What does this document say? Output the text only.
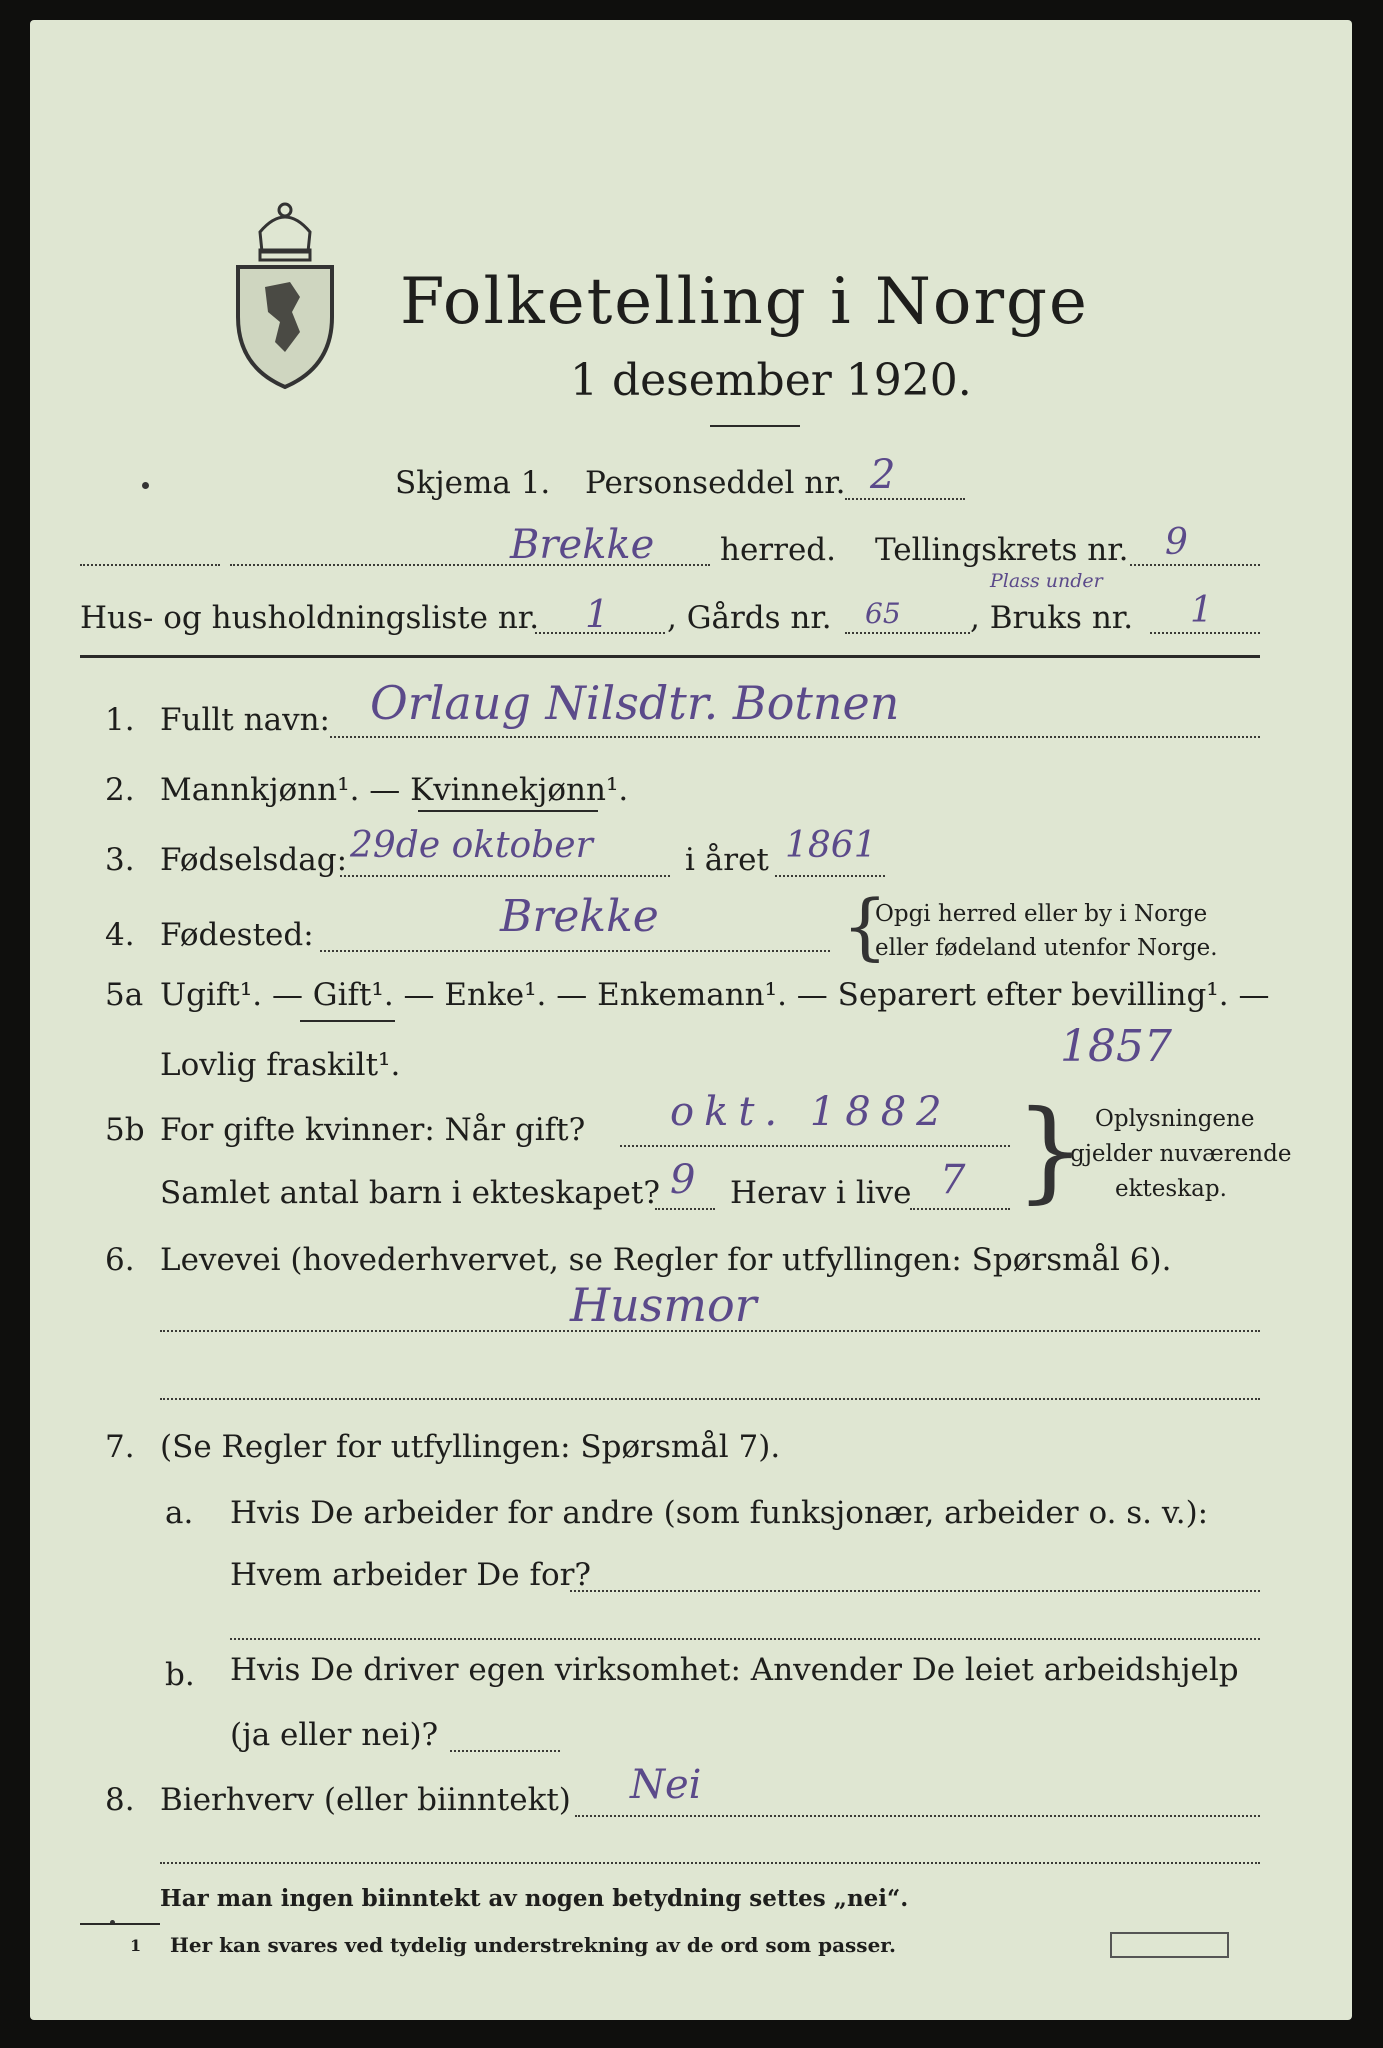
Folketelling i Norge
1 desember 1920.
Skjema 1. Personseddel nr. 2
Brekke herred. Tellingskrets nr. 9
Hus- og husholdningsliste nr. 1 , Gårds nr. 65
Plass under
, Bruks nr. 1
1. Fullt navn: Orlaug Nilsdtr. Botnen
2. Mannkjønn¹. — Kvinnekjønn¹.
3. Fødselsdag: 29de oktober	i året 1861
4. Fødested:	Brekke	{
Opgi herred eller by i Norge
eller fødeland utenfor Norge.
5a Ugift¹. — Gift¹. — Enke¹. — Enkemann¹. — Separert efter bevilling¹. —
Lovlig fraskilt¹.	1857
5b For gifte kvinner: Når gift? okt. 1882
Samlet antal barn i ekteskapet? 9 Herav i live 7 } Oplysningene
gjelder nuværende
ekteskap.
6. Levevei (hovederhvervet, se Regler for utfyllingen: Spørsmål 6).
Husmor
7. (Se Regler for utfyllingen: Spørsmål 7).
a. Hvis De arbeider for andre (som funksjonær, arbeider o. s. v.):
Hvem arbeider De for?
b. Hvis De driver egen virksomhet: Anvender De leiet arbeidshjelp
(ja eller nei)?
8. Bierhverv (eller biinntekt) Nei
Har man ingen biinntekt av nogen betydning settes „nei“.
1 Her kan svares ved tydelig understrekning av de ord som passer.
